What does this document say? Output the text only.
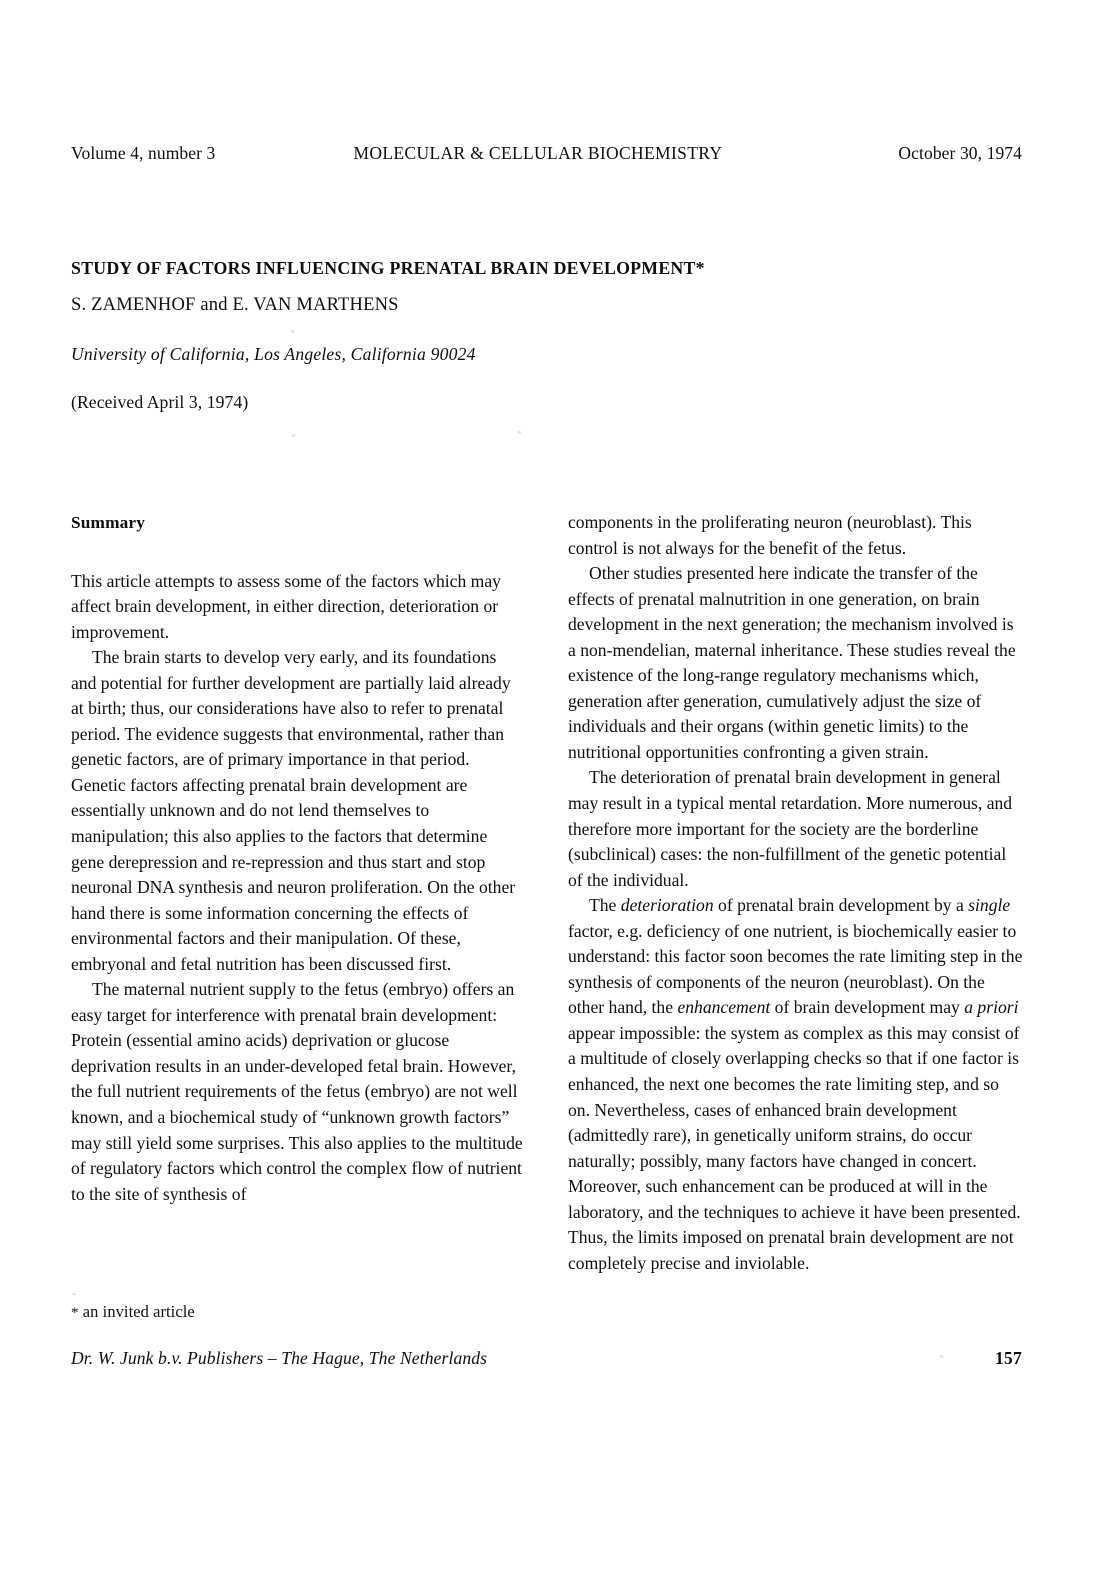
Volume 4, number 3	MOLECULAR & CELLULAR BIOCHEMISTRY	October 30, 1974
STUDY OF FACTORS INFLUENCING PRENATAL BRAIN DEVELOPMENT*
S. ZAMENHOF and E. VAN MARTHENS
University of California, Los Angeles, California 90024
(Received April 3, 1974)
Summary

This article attempts to assess some of the factors which may affect brain development, in either direction, deterioration or improvement.

The brain starts to develop very early, and its foundations and potential for further development are partially laid already at birth; thus, our considerations have also to refer to prenatal period. The evidence suggests that environmental, rather than genetic factors, are of primary importance in that period. Genetic factors affecting prenatal brain development are essentially unknown and do not lend themselves to manipulation; this also applies to the factors that determine gene derepression and re-repression and thus start and stop neuronal DNA synthesis and neuron proliferation. On the other hand there is some information concerning the effects of environmental factors and their manipulation. Of these, embryonal and fetal nutrition has been discussed first.

The maternal nutrient supply to the fetus (embryo) offers an easy target for interference with prenatal brain development: Protein (essential amino acids) deprivation or glucose deprivation results in an under-developed fetal brain. However, the full nutrient requirements of the fetus (embryo) are not well known, and a biochemical study of “unknown growth factors” may still yield some surprises. This also applies to the multitude of regulatory factors which control the complex flow of nutrient to the site of synthesis of

components in the proliferating neuron (neuroblast). This control is not always for the benefit of the fetus.

Other studies presented here indicate the transfer of the effects of prenatal malnutrition in one generation, on brain development in the next generation; the mechanism involved is a non-mendelian, maternal inheritance. These studies reveal the existence of the long-range regulatory mechanisms which, generation after generation, cumulatively adjust the size of individuals and their organs (within genetic limits) to the nutritional opportunities confronting a given strain.

The deterioration of prenatal brain development in general may result in a typical mental retardation. More numerous, and therefore more important for the society are the borderline (subclinical) cases: the non-fulfillment of the genetic potential of the individual.

The deterioration of prenatal brain development by a single factor, e.g. deficiency of one nutrient, is biochemically easier to understand: this factor soon becomes the rate limiting step in the synthesis of components of the neuron (neuroblast). On the other hand, the enhancement of brain development may a priori appear impossible: the system as complex as this may consist of a multitude of closely overlapping checks so that if one factor is enhanced, the next one becomes the rate limiting step, and so on. Nevertheless, cases of enhanced brain development (admittedly rare), in genetically uniform strains, do occur naturally; possibly, many factors have changed in concert. Moreover, such enhancement can be produced at will in the laboratory, and the techniques to achieve it have been presented. Thus, the limits imposed on prenatal brain development are not completely precise and inviolable.

* an invited article
Dr. W. Junk b.v. Publishers – The Hague, The Netherlands	157
